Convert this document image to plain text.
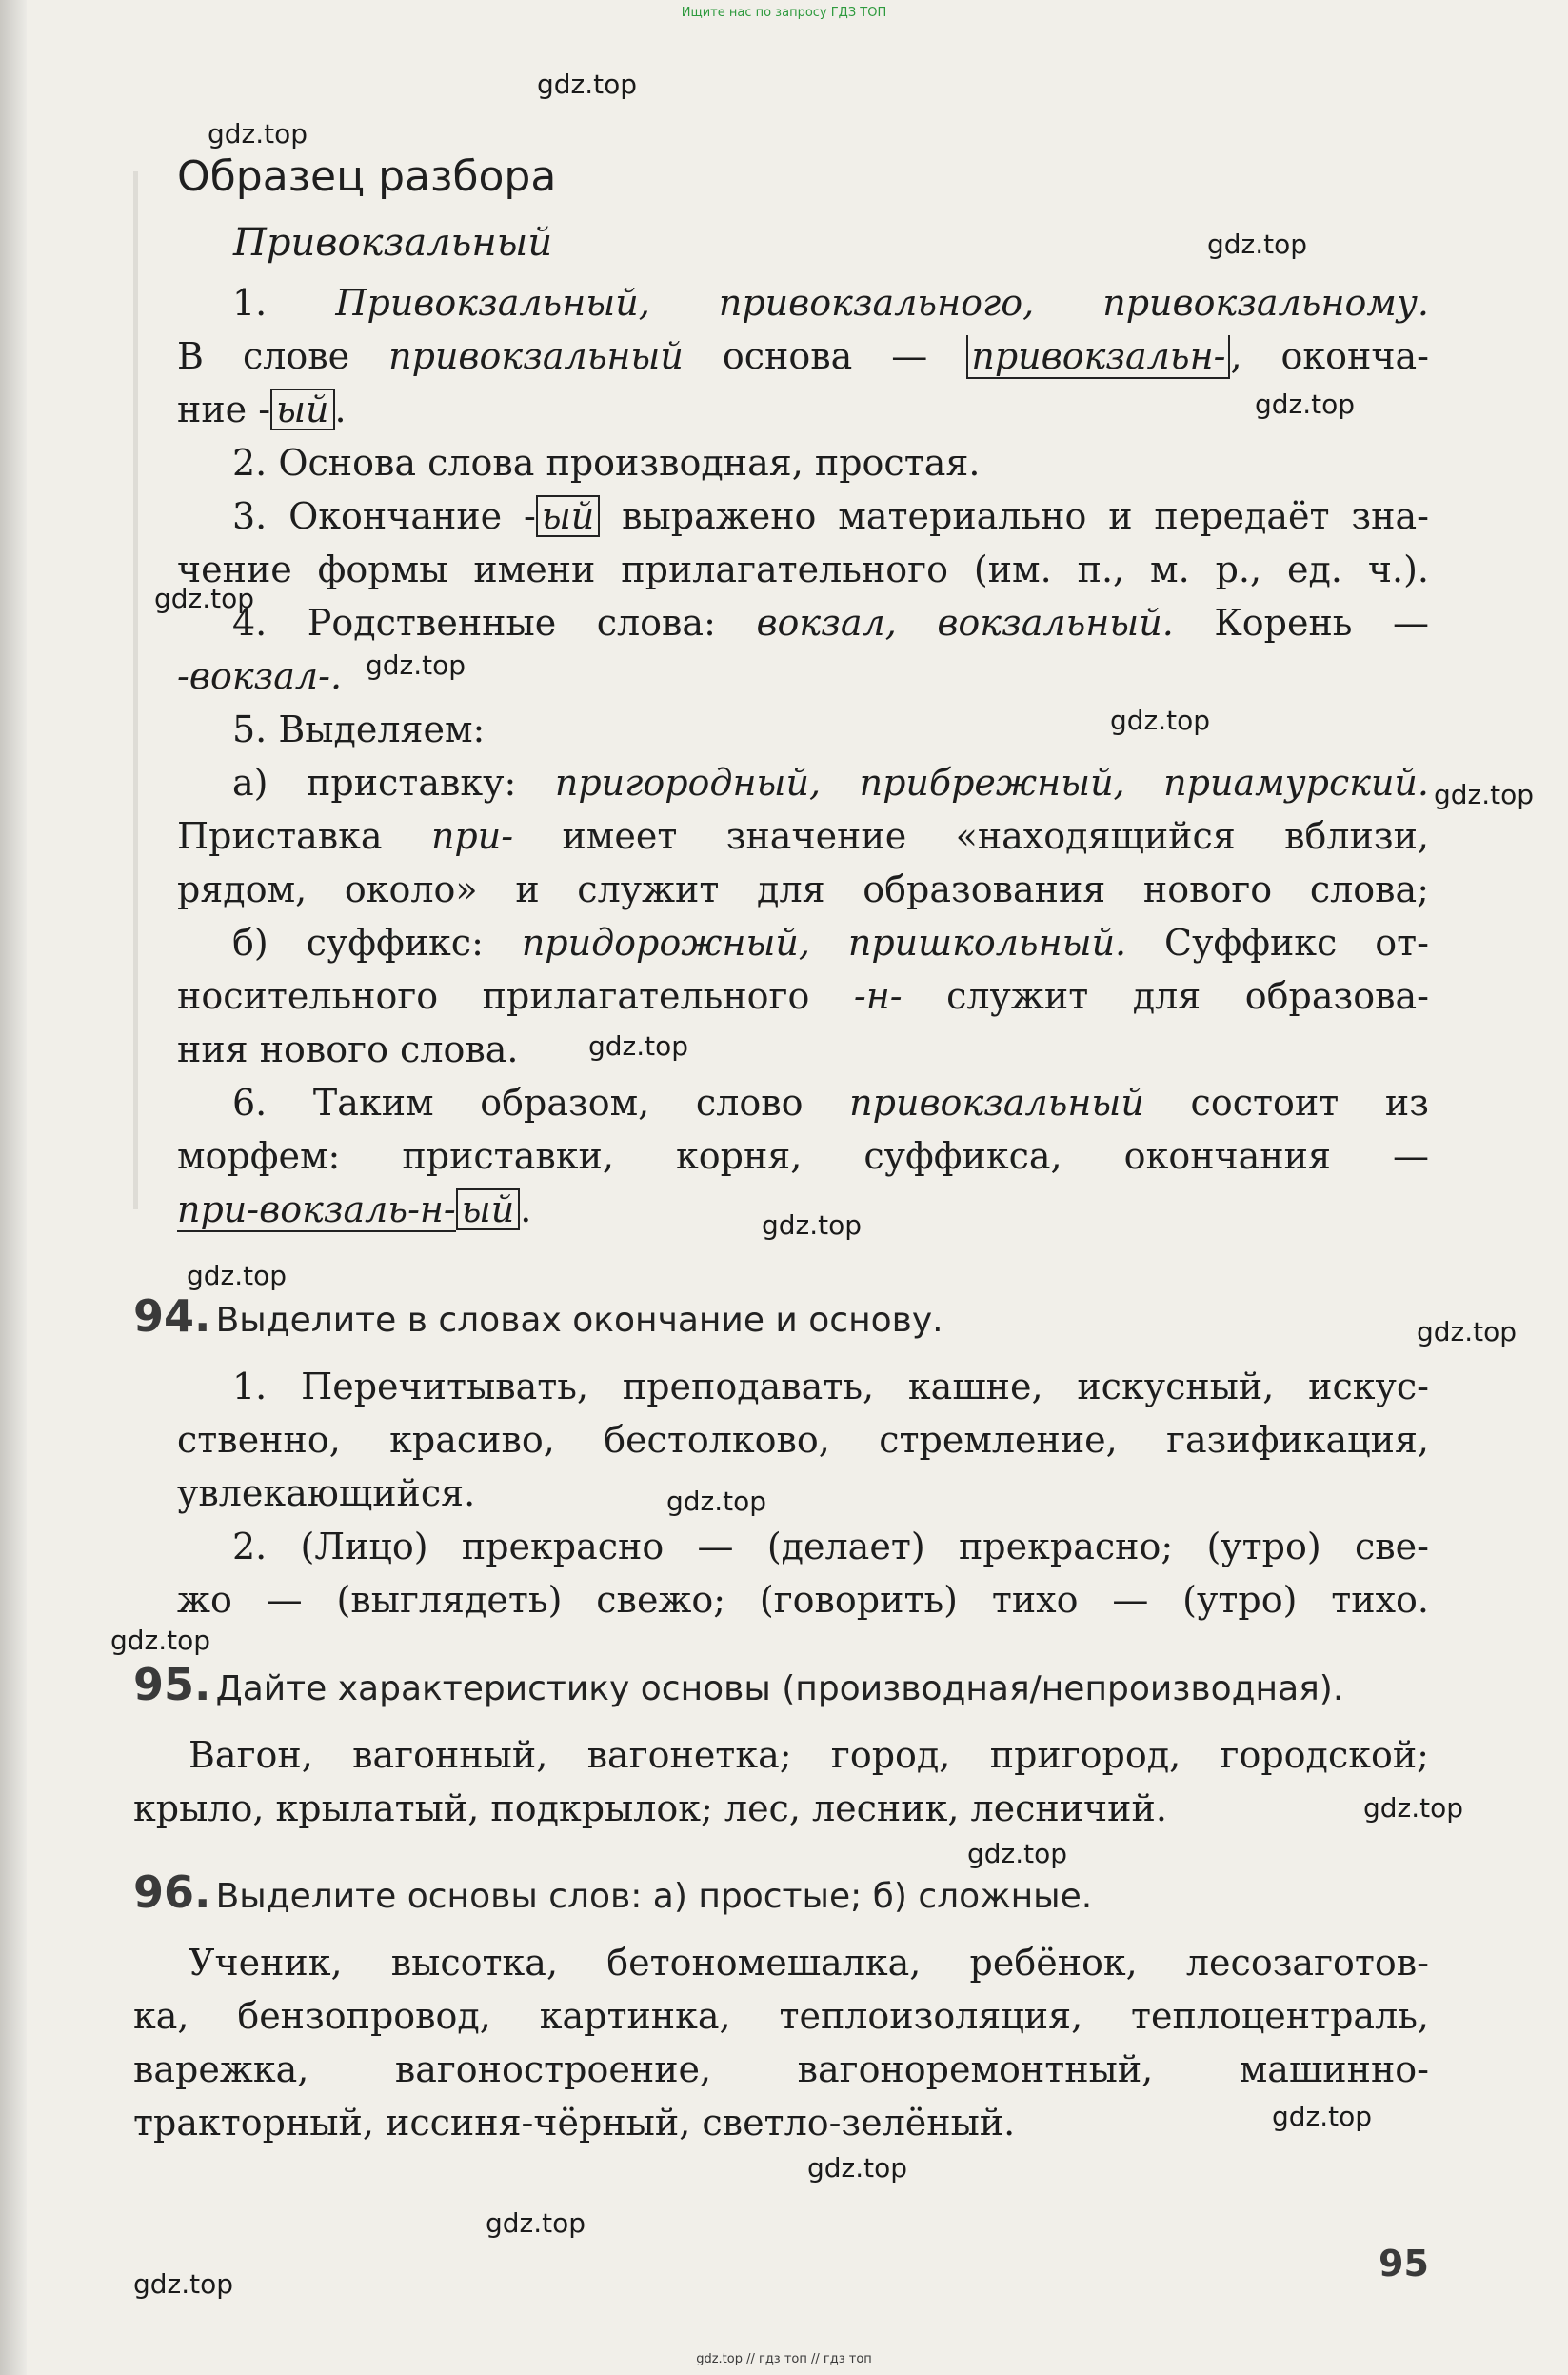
Ищите нас по запросу ГДЗ ТОП
gdz.top
gdz.top
gdz.top
gdz.top
gdz.top
gdz.top
gdz.top
gdz.top
gdz.top
gdz.top
gdz.top
gdz.top
gdz.top
gdz.top
gdz.top
gdz.top
gdz.top
gdz.top
gdz.top
gdz.top
Образец разбора
Привокзальный
1. Привокзальный, привокзального, привокзальному.
В слове привокзальный основа — привокзальн- , оконча-
ние - ый .
2. Основа слова производная, простая.
3. Окончание - ый выражено материально и передаёт зна-
чение формы имени прилагательного (им. п., м. р., ед. ч.).
4. Родственные слова: вокзал, вокзальный. Корень —
-вокзал-.
5. Выделяем:
а) приставку: пригородный, прибрежный, приамурский.
Приставка при- имеет значение «находящийся вблизи,
рядом, около» и служит для образования нового слова;
б) суффикс: придорожный, пришкольный. Суффикс от-
носительного прилагательного -н- служит для образова-
ния нового слова.
6. Таким образом, слово привокзальный состоит из
морфем: приставки, корня, суффикса, окончания —
при-вокзаль-н- ый .
94. Выделите в словах окончание и основу.
1. Перечитывать, преподавать, кашне, искусный, искус-
ственно, красиво, бестолково, стремление, газификация,
увлекающийся.
2. (Лицо) прекрасно — (делает) прекрасно; (утро) све-
жо — (выглядеть) свежо; (говорить) тихо — (утро) тихо.
95. Дайте характеристику основы (производная/непроизводная).
Вагон, вагонный, вагонетка; город, пригород, городской;
крыло, крылатый, подкрылок; лес, лесник, лесничий.
96. Выделите основы слов: а) простые; б) сложные.
Ученик, высотка, бетономешалка, ребёнок, лесозаготов-
ка, бензопровод, картинка, теплоизоляция, теплоцентраль,
варежка, вагоностроение, вагоноремонтный, машинно-
тракторный, иссиня-чёрный, светло-зелёный.
95
gdz.top // гдз топ // гдз топ
